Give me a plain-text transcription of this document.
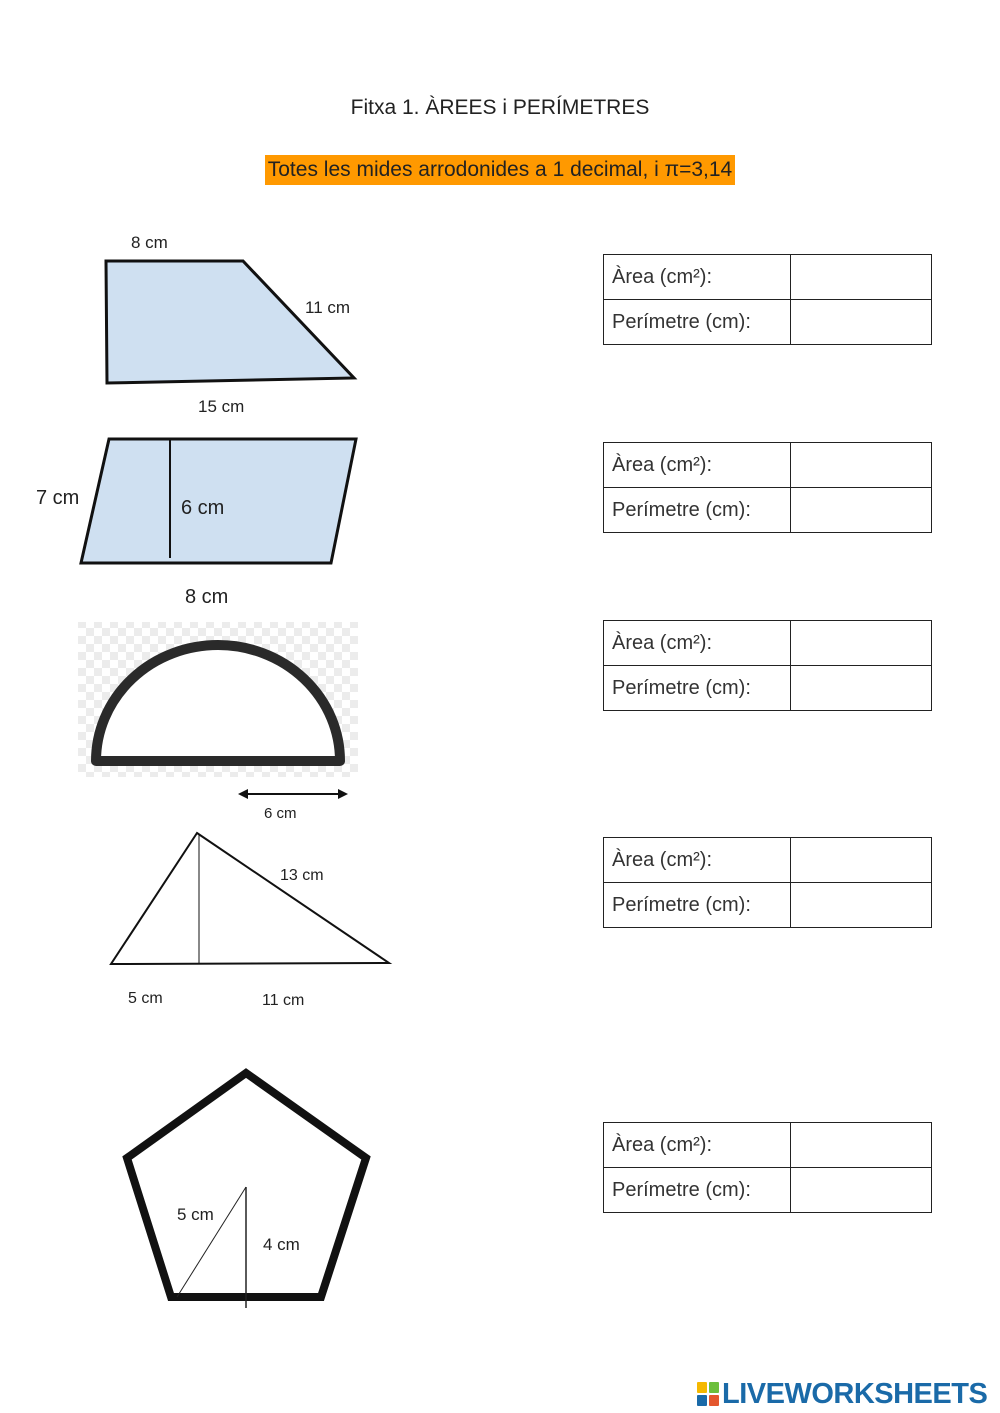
Fitxa 1. ÀREES i PERÍMETRES
Totes les mides arrodonides a 1 decimal, i π=3,14
8 cm
11 cm
15 cm
7 cm	6 cm
8 cm
6 cm
13 cm
5 cm	11 cm
5 cm
4 cm
Àrea (cm²):	
Perímetre (cm):	
Àrea (cm²):	
Perímetre (cm):	
Àrea (cm²):	
Perímetre (cm):	
Àrea (cm²):	
Perímetre (cm):	
Àrea (cm²):	
Perímetre (cm):	
LIVEWORKSHEETS
